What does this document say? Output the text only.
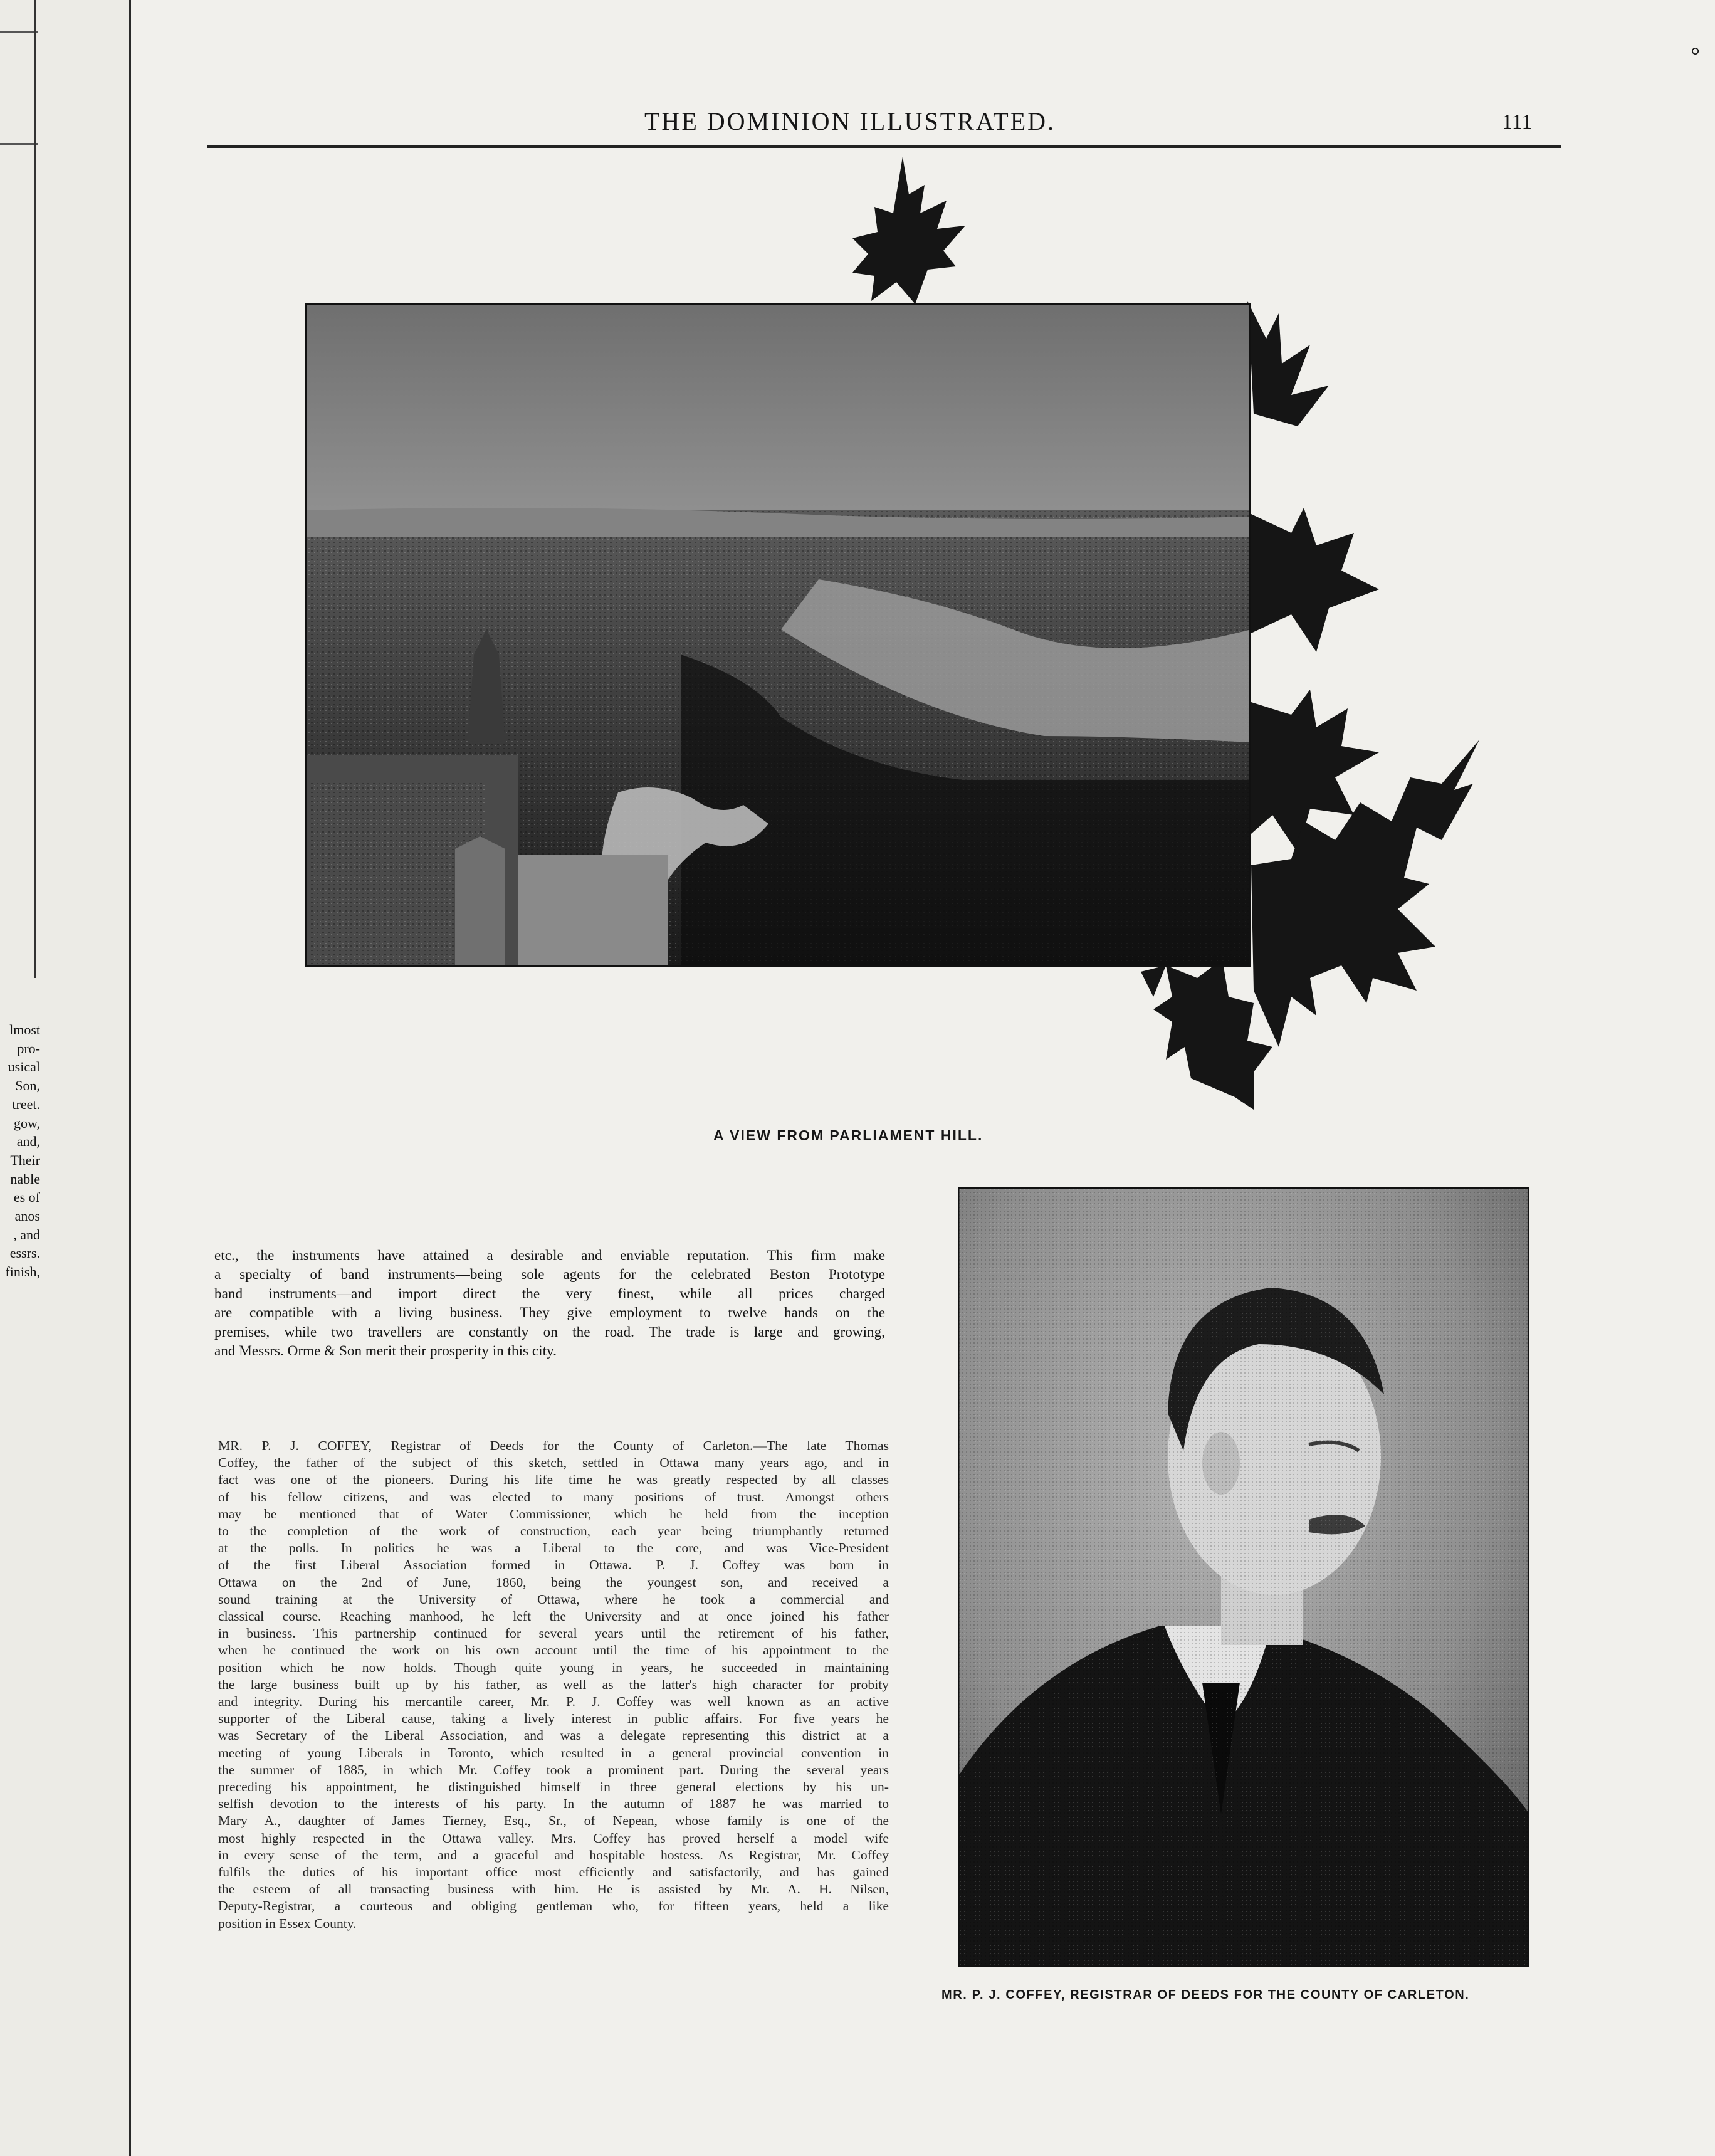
lmost
pro-
usical
Son,
treet.
gow,
and,
Their
nable
es of
anos
, and
essrs.
finish,
THE DOMINION ILLUSTRATED.	111
A VIEW FROM PARLIAMENT HILL.
etc., the instruments have attained a desirable and enviable reputation. This firm make
a specialty of band instruments—being sole agents for the celebrated Beston Prototype
band instruments—and import direct the very finest, while all prices charged
are compatible with a living business. They give employment to twelve hands on the
premises, while two travellers are constantly on the road. The trade is large and growing,
and Messrs. Orme & Son merit their prosperity in this city.
MR. P. J. COFFEY, Registrar of Deeds for the County of Carleton.—The late Thomas
Coffey, the father of the subject of this sketch, settled in Ottawa many years ago, and in
fact was one of the pioneers. During his life time he was greatly respected by all classes
of his fellow citizens, and was elected to many positions of trust. Amongst others
may be mentioned that of Water Commissioner, which he held from the inception
to the completion of the work of construction, each year being triumphantly returned
at the polls. In politics he was a Liberal to the core, and was Vice-President
of the first Liberal Association formed in Ottawa. P. J. Coffey was born in
Ottawa on the 2nd of June, 1860, being the youngest son, and received a
sound training at the University of Ottawa, where he took a commercial and
classical course. Reaching manhood, he left the University and at once joined his father
in business. This partnership continued for several years until the retirement of his father,
when he continued the work on his own account until the time of his appointment to the
position which he now holds. Though quite young in years, he succeeded in maintaining
the large business built up by his father, as well as the latter's high character for probity
and integrity. During his mercantile career, Mr. P. J. Coffey was well known as an active
supporter of the Liberal cause, taking a lively interest in public affairs. For five years he
was Secretary of the Liberal Association, and was a delegate representing this district at a
meeting of young Liberals in Toronto, which resulted in a general provincial convention in
the summer of 1885, in which Mr. Coffey took a prominent part. During the several years
preceding his appointment, he distinguished himself in three general elections by his un-
selfish devotion to the interests of his party. In the autumn of 1887 he was married to
Mary A., daughter of James Tierney, Esq., Sr., of Nepean, whose family is one of the
most highly respected in the Ottawa valley. Mrs. Coffey has proved herself a model wife
in every sense of the term, and a graceful and hospitable hostess. As Registrar, Mr. Coffey
fulfils the duties of his important office most efficiently and satisfactorily, and has gained
the esteem of all transacting business with him. He is assisted by Mr. A. H. Nilsen,
Deputy-Registrar, a courteous and obliging gentleman who, for fifteen years, held a like
position in Essex County.
MR. P. J. COFFEY, REGISTRAR OF DEEDS FOR THE COUNTY OF CARLETON.
⸰
